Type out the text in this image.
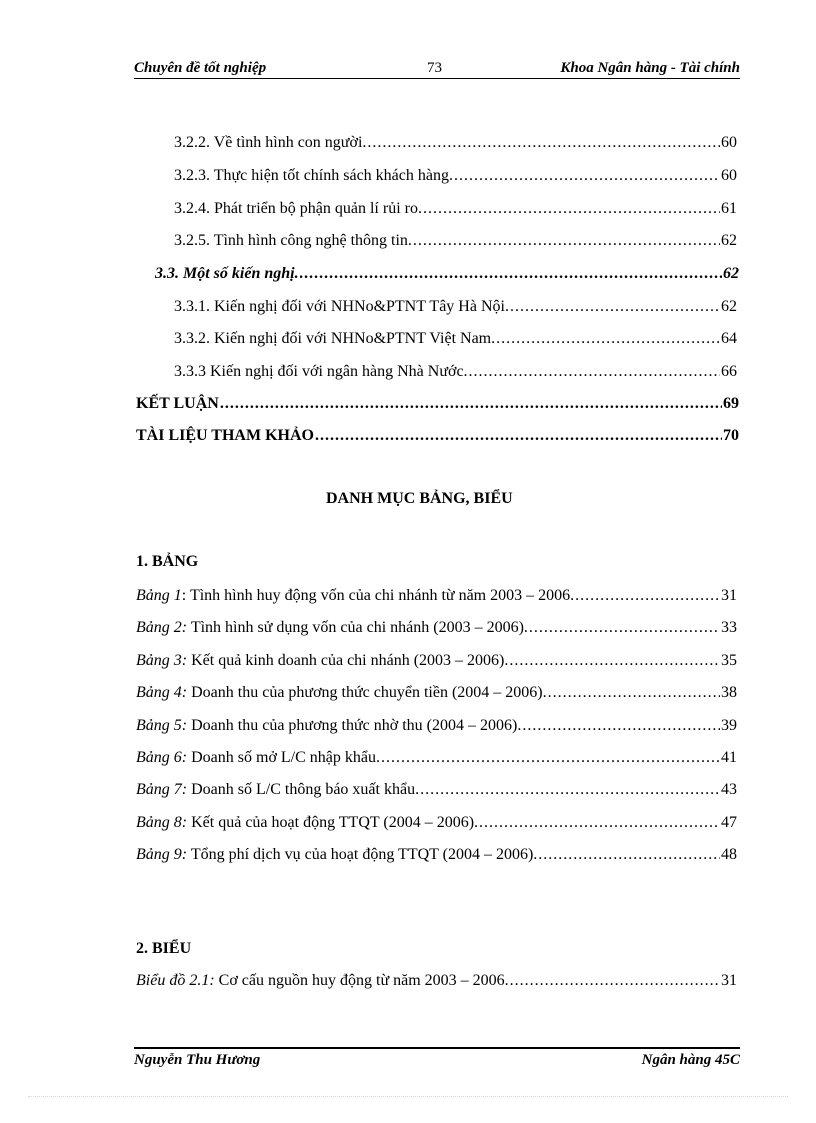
Chuyên đề tốt nghiệp	73	Khoa Ngân hàng - Tài chính
3.2.2. Về tình hình con người. .....	60
3.2.3. Thực hiện tốt chính sách khách hàng. .....	60
3.2.4. Phát triển bộ phận quản lí rủi ro. .....	61
3.2.5. Tình hình công nghệ thông tin. .....	62
3.3. Một số kiến nghị. .....	62
3.3.1. Kiến nghị đối với NHNo&PTNT Tây Hà Nội. .....	62
3.3.2. Kiến nghị đối với NHNo&PTNT Việt Nam. .....	64
3.3.3 Kiến nghị đối với ngân hàng Nhà Nước. .....	66
KẾT LUẬN .....	69
TÀI LIỆU THAM KHẢO .....	70
DANH MỤC BẢNG, BIỂU
1. BẢNG
Bảng 1: Tình hình huy động vốn của chi nhánh từ năm 2003 – 2006. .....	31
Bảng 2: Tình hình sử dụng vốn của chi nhánh (2003 – 2006). .....	33
Bảng 3: Kết quả kinh doanh của chi nhánh (2003 – 2006). .....	35
Bảng 4: Doanh thu của phương thức chuyển tiền (2004 – 2006). .....	38
Bảng 5: Doanh thu của phương thức nhờ thu (2004 – 2006). .....	39
Bảng 6: Doanh số mở L/C nhập khẩu. .....	41
Bảng 7: Doanh số L/C thông báo xuất khẩu. .....	43
Bảng 8: Kết quả của hoạt động TTQT (2004 – 2006). .....	47
Bảng 9: Tổng phí dịch vụ của hoạt động TTQT (2004 – 2006). .....	48
2. BIỂU
Biểu đồ 2.1: Cơ cấu nguồn huy động từ năm 2003 – 2006. .....	31
Nguyễn Thu Hương	Ngân hàng 45C
